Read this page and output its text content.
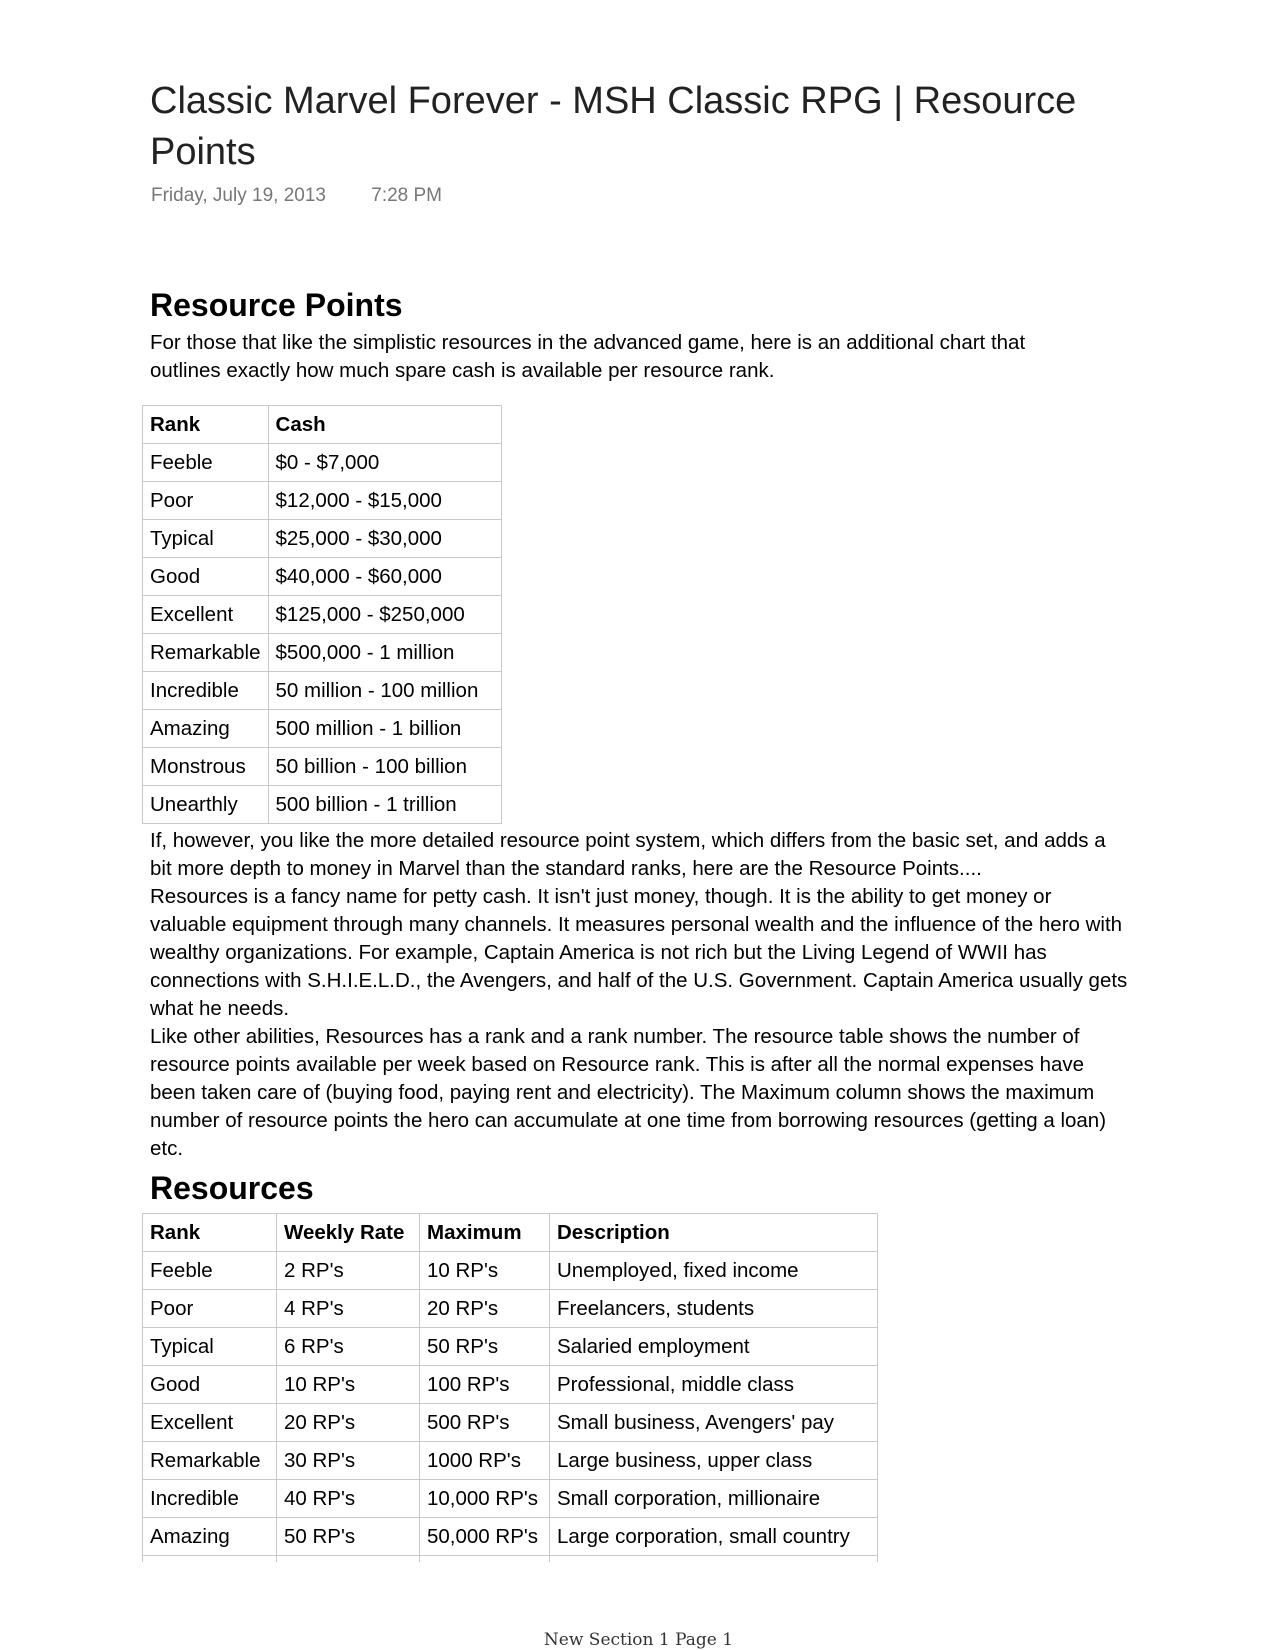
Classic Marvel Forever - MSH Classic RPG | Resource Points
Friday, July 19, 2013 7:28 PM
Resource Points

For those that like the simplistic resources in the advanced game, here is an additional chart that outlines exactly how much spare cash is available per resource rank.

Rank	Cash
Feeble	$0 - $7,000
Poor	$12,000 - $15,000
Typical	$25,000 - $30,000
Good	$40,000 - $60,000
Excellent	$125,000 - $250,000
Remarkable	$500,000 - 1 million
Incredible	50 million - 100 million
Amazing	500 million - 1 billion
Monstrous	50 billion - 100 billion
Unearthly	500 billion - 1 trillion

If, however, you like the more detailed resource point system, which differs from the basic set, and adds a bit more depth to money in Marvel than the standard ranks, here are the Resource Points....

Resources is a fancy name for petty cash. It isn't just money, though. It is the ability to get money or valuable equipment through many channels. It measures personal wealth and the influence of the hero with wealthy organizations. For example, Captain America is not rich but the Living Legend of WWII has connections with S.H.I.E.L.D., the Avengers, and half of the U.S. Government. Captain America usually gets what he needs.

Like other abilities, Resources has a rank and a rank number. The resource table shows the number of resource points available per week based on Resource rank. This is after all the normal expenses have been taken care of (buying food, paying rent and electricity). The Maximum column shows the maximum number of resource points the hero can accumulate at one time from borrowing resources (getting a loan) etc.

Resources
Rank	Weekly Rate	Maximum	Description
Feeble	2 RP's	10 RP's	Unemployed, fixed income
Poor	4 RP's	20 RP's	Freelancers, students
Typical	6 RP's	50 RP's	Salaried employment
Good	10 RP's	100 RP's	Professional, middle class
Excellent	20 RP's	500 RP's	Small business, Avengers' pay
Remarkable	30 RP's	1000 RP's	Large business, upper class
Incredible	40 RP's	10,000 RP's	Small corporation, millionaire
Amazing	50 RP's	50,000 RP's	Large corporation, small country

New Section 1 Page 1
